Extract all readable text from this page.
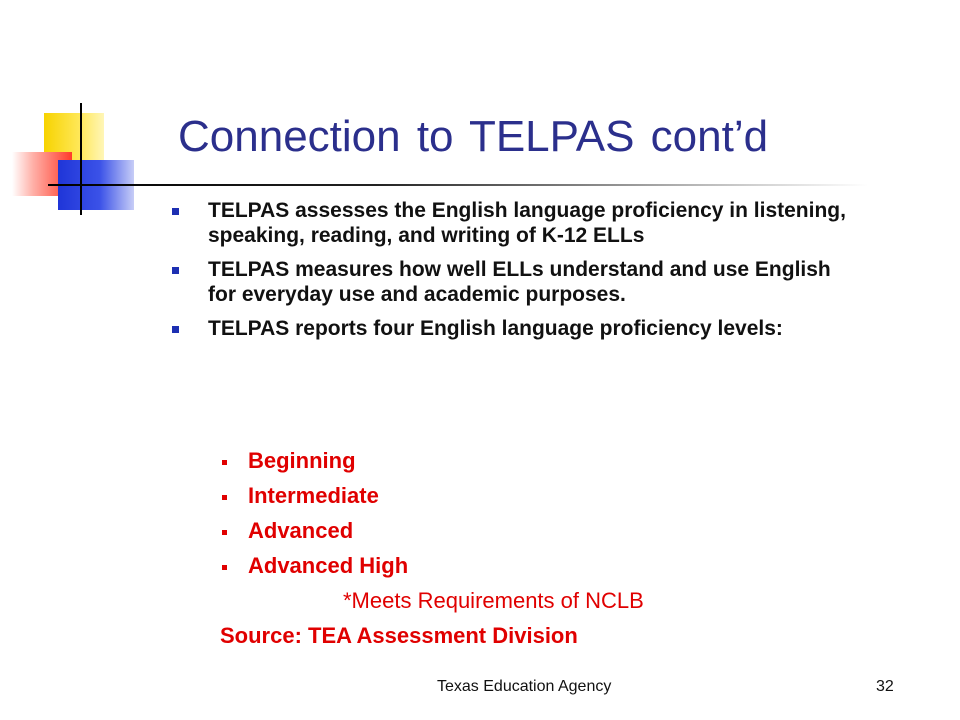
Connection to TELPAS cont’d
TELPAS assesses the English language proficiency in listening, speaking, reading, and writing of K-12 ELLs
TELPAS measures how well ELLs understand and use English for everyday use and academic purposes.
TELPAS reports four English language proficiency levels:
Beginning
Intermediate
Advanced
Advanced High

*Meets Requirements of NCLB

Source: TEA Assessment Division

Texas Education Agency	32
